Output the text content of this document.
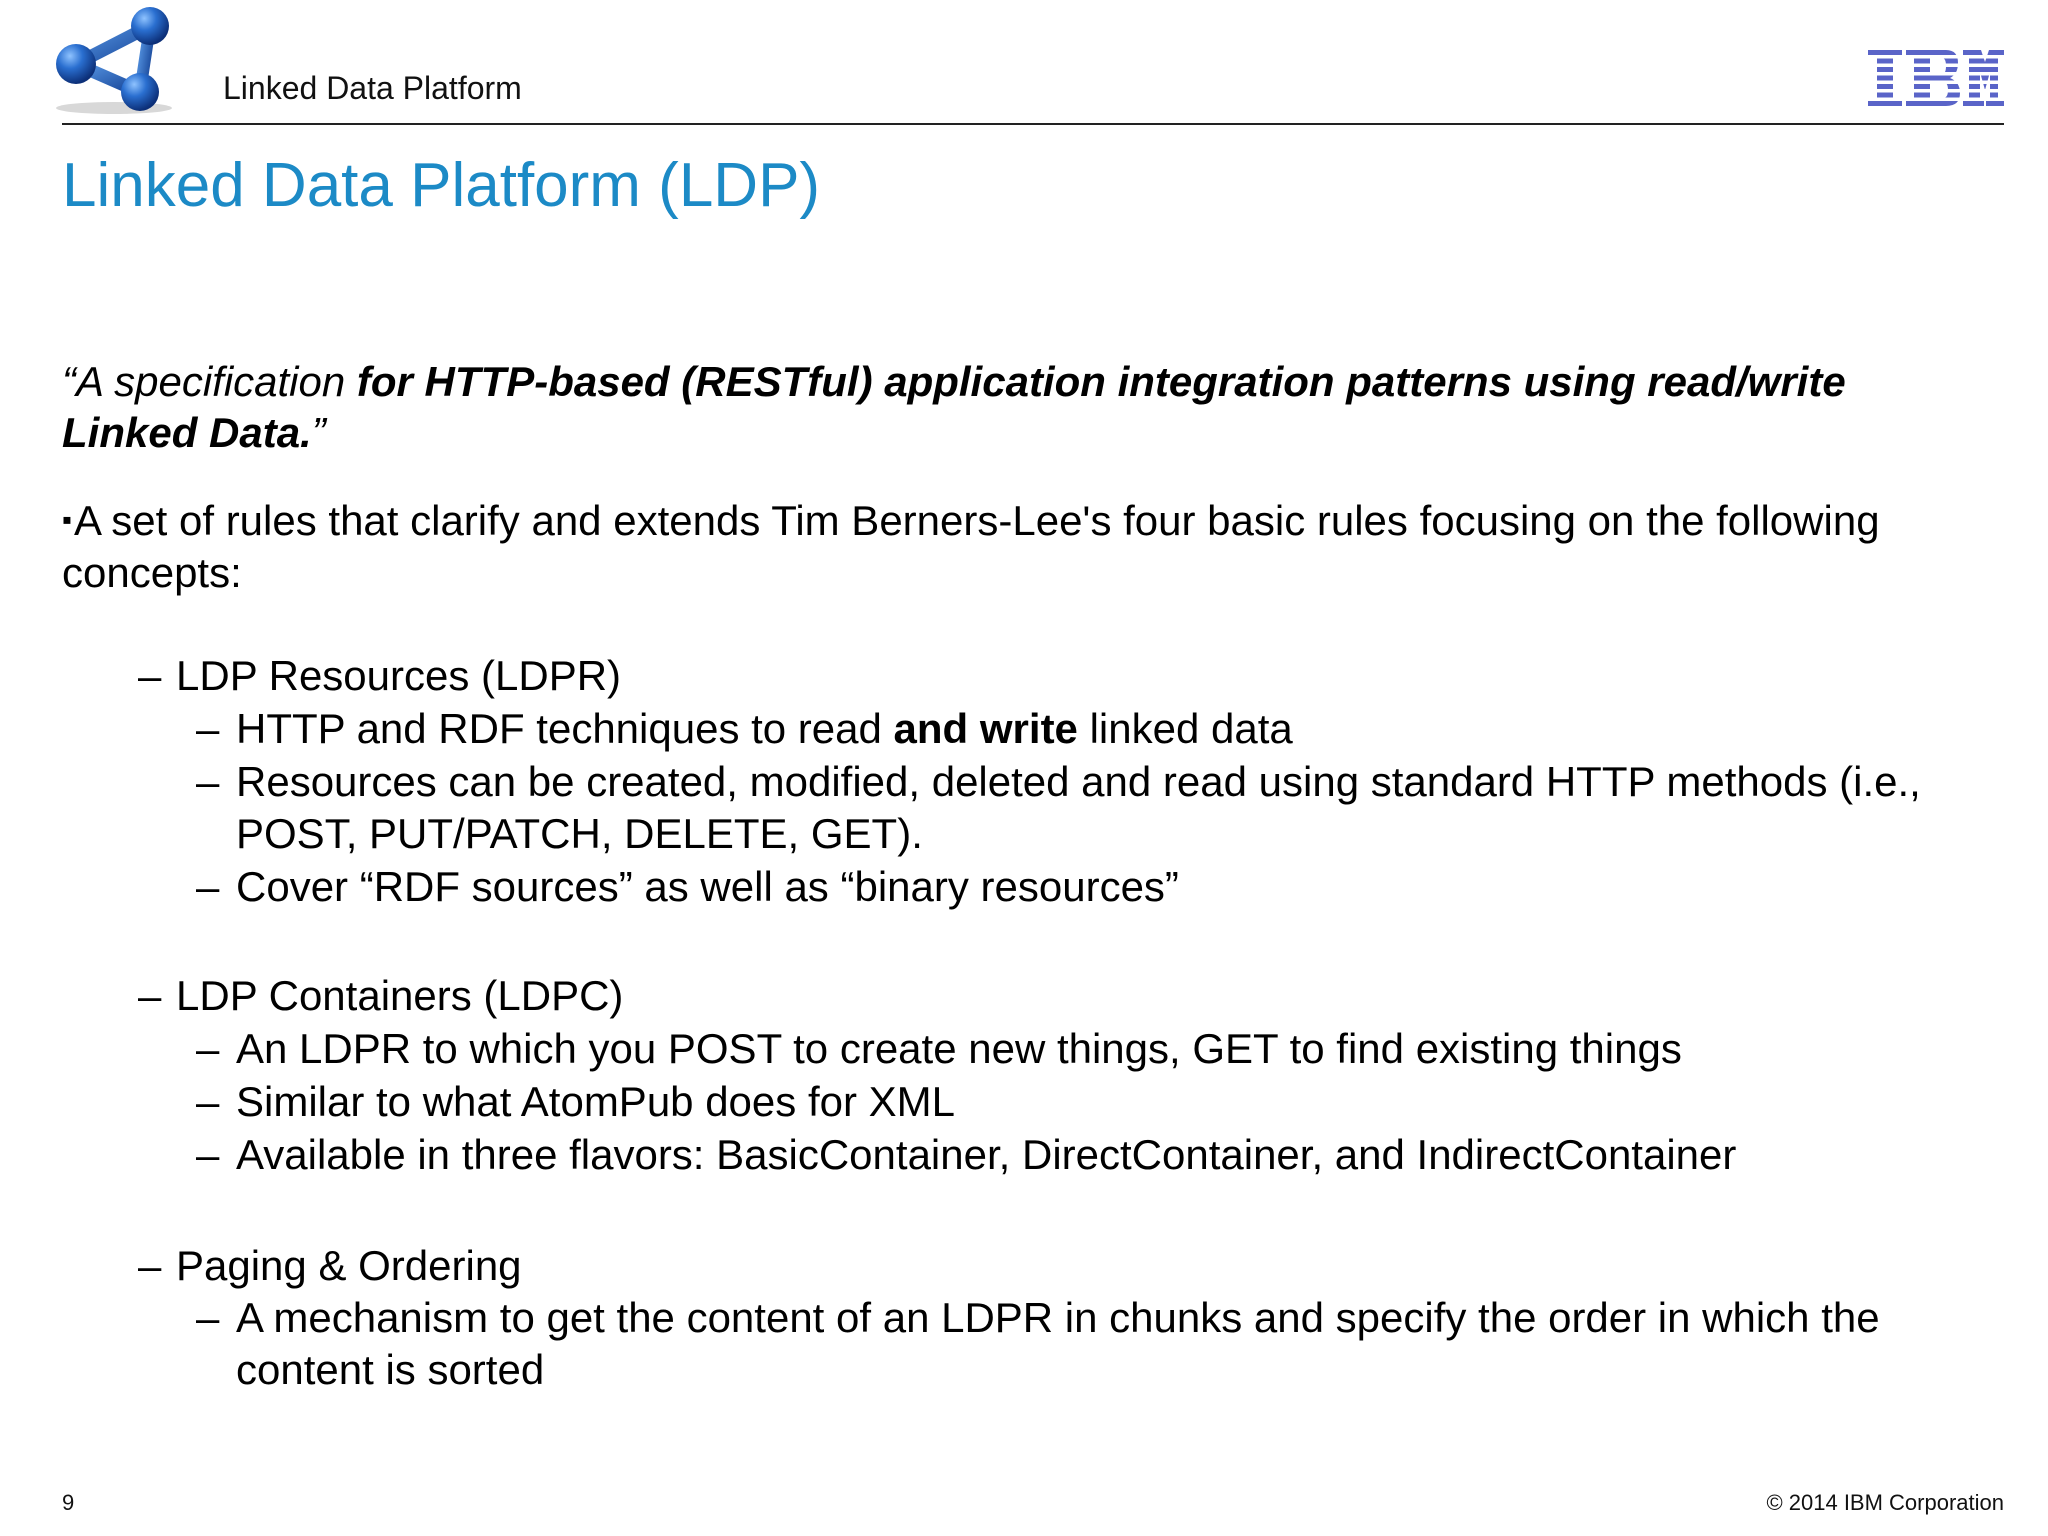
Linked Data Platform
Linked Data Platform (LDP)

“A specification for HTTP-based (RESTful) application integration patterns using read/write Linked Data.”

▪A set of rules that clarify and extends Tim Berners-Lee's four basic rules focusing on the following concepts:

– LDP Resources (LDPR)

– HTTP and RDF techniques to read and write linked data

– Resources can be created, modified, deleted and read using standard HTTP methods (i.e., POST, PUT/PATCH, DELETE, GET).

– Cover “RDF sources” as well as “binary resources”

– LDP Containers (LDPC)

– An LDPR to which you POST to create new things, GET to find existing things

– Similar to what AtomPub does for XML

– Available in three flavors: BasicContainer, DirectContainer, and IndirectContainer

– Paging & Ordering

– A mechanism to get the content of an LDPR in chunks and specify the order in which the content is sorted

9	© 2014 IBM Corporation
